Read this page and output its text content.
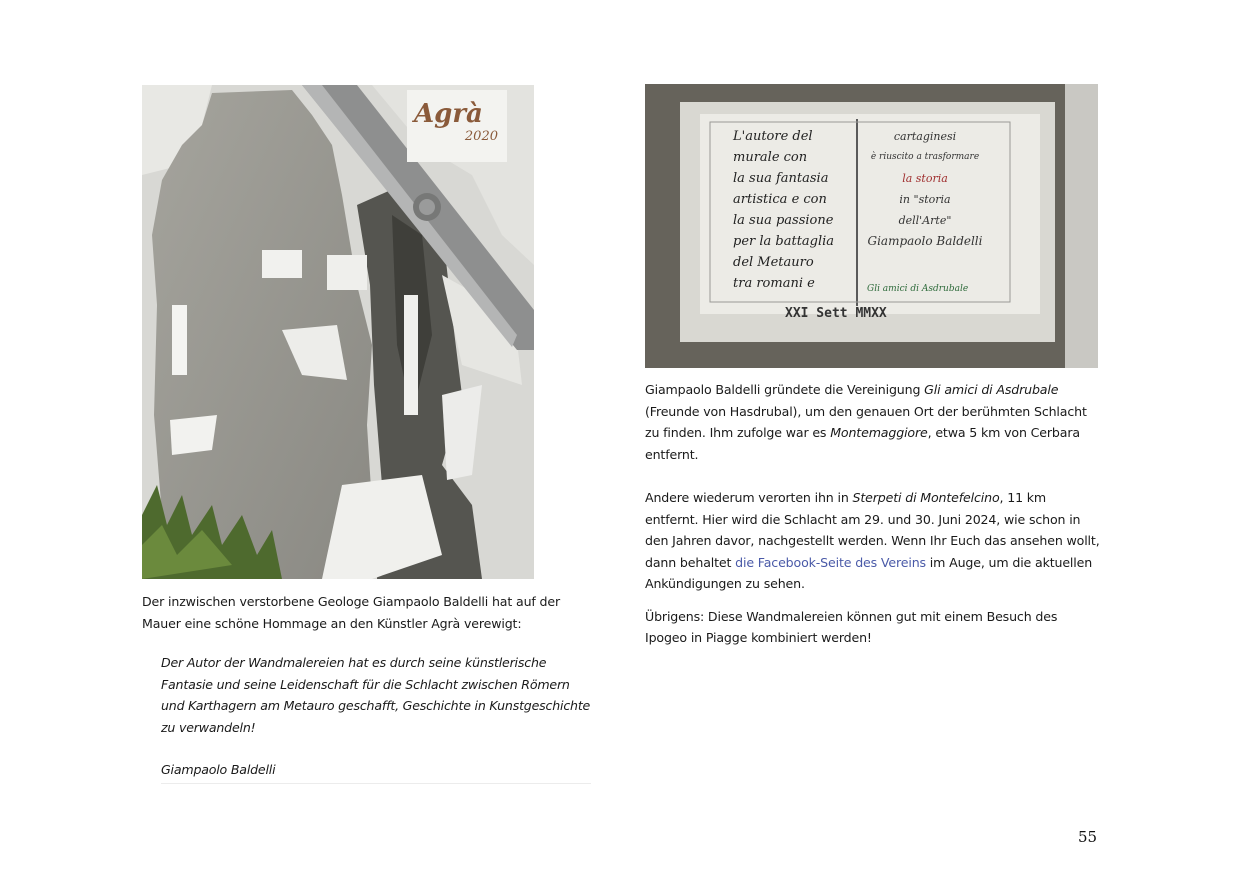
Agrà
2020

Der inzwischen verstorbene Geologe Giampaolo Baldelli hat auf der Mauer eine schöne Hommage an den Künstler Agrà verewigt:

Der Autor der Wandmalereien hat es durch seine künstlerische
Fantasie und seine Leidenschaft für die Schlacht zwischen Römern
und Karthagern am Metauro geschafft, Geschichte in Kunstgeschichte
zu verwandeln!
Giampaolo Baldelli
L'autore del
murale con
la sua fantasia
artistica e con
la sua passione
per la battaglia
del Metauro
tra romani e
cartaginesi
è riuscito a trasformare
la storia
in "storia
dell'Arte"
Giampaolo Baldelli
Gli amici di Asdrubale
XXI Sett MMXX

Giampaolo Baldelli gründete die Vereinigung Gli amici di Asdrubale (Freunde von Hasdrubal), um den genauen Ort der berühmten Schlacht zu finden. Ihm zufolge war es Montemaggiore, etwa 5 km von Cerbara entfernt.

Andere wiederum verorten ihn in Sterpeti di Montefelcino, 11 km entfernt. Hier wird die Schlacht am 29. und 30. Juni 2024, wie schon in den Jahren davor, nachgestellt werden. Wenn Ihr Euch das ansehen wollt, dann behaltet die Facebook-Seite des Vereins im Auge, um die aktuellen Ankündigungen zu sehen.

Übrigens: Diese Wandmalereien können gut mit einem Besuch des Ipogeo in Piagge kombiniert werden!

55
